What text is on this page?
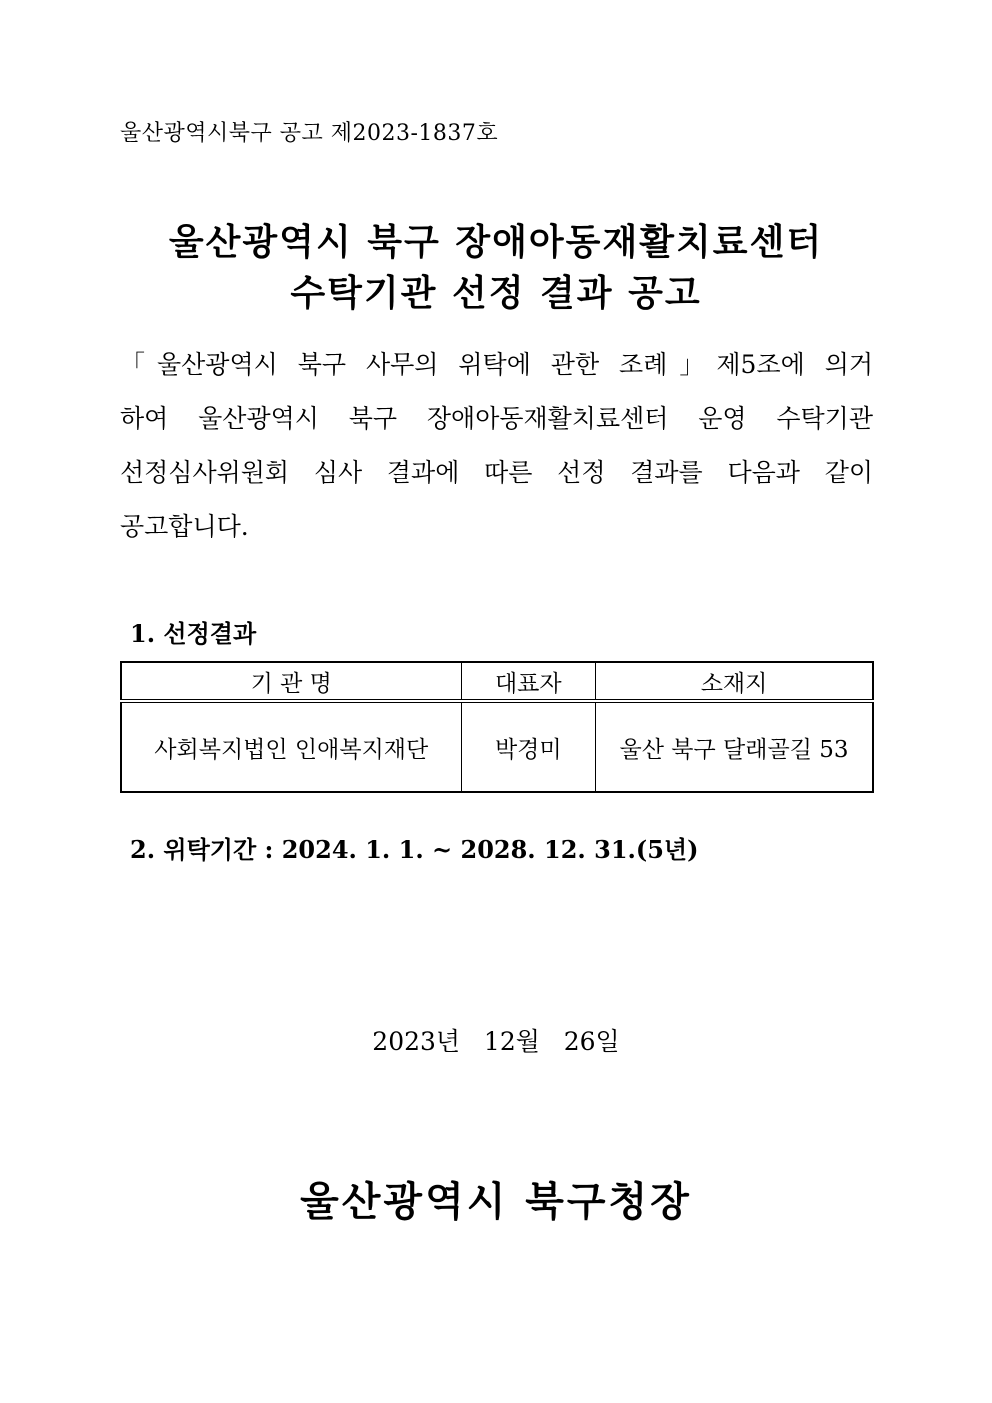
울산광역시북구 공고 제2023-1837호
울산광역시 북구 장애아동재활치료센터
수탁기관 선정 결과 공고
「울산광역시 북구 사무의 위탁에 관한 조례」제5조에 의거
하여 울산광역시 북구 장애아동재활치료센터 운영 수탁기관
선정심사위원회 심사 결과에 따른 선정 결과를 다음과 같이
공고합니다.
1. 선정결과
기 관 명	대표자	소재지
사회복지법인 인애복지재단	박경미	울산 북구 달래골길 53
2. 위탁기간 : 2024. 1. 1. ~ 2028. 12. 31.(5년)
2023년   12월   26일
울산광역시 북구청장
